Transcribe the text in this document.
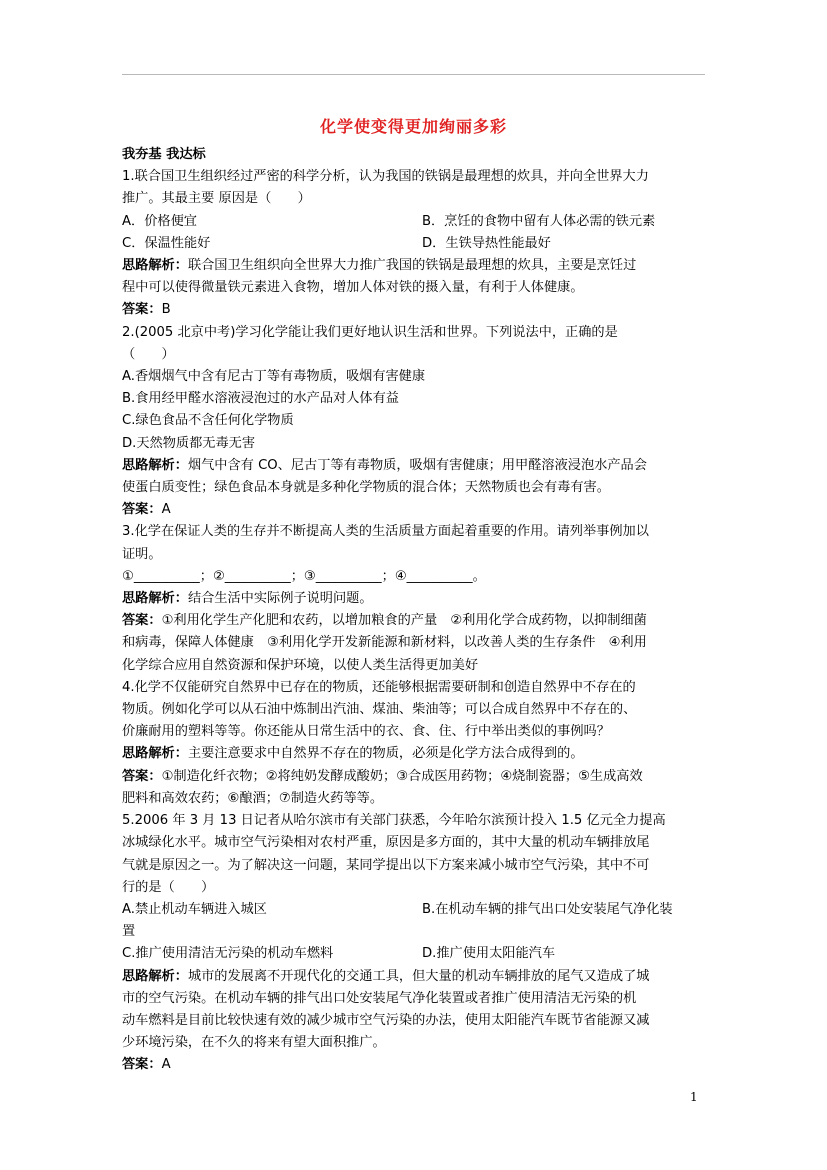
化学使变得更加绚丽多彩
我夯基 我达标
1.联合国卫生组织经过严密的科学分析，认为我国的铁锅是最理想的炊具，并向全世界大力
推广。其最主要 原因是（　　）
A．价格便宜	B．烹饪的食物中留有人体必需的铁元素
C．保温性能好	D．生铁导热性能最好
思路解析：联合国卫生组织向全世界大力推广我国的铁锅是最理想的炊具，主要是烹饪过
程中可以使得微量铁元素进入食物，增加人体对铁的摄入量，有利于人体健康。
答案：B
2.(2005 北京中考)学习化学能让我们更好地认识生活和世界。下列说法中，正确的是
（　　）
A.香烟烟气中含有尼古丁等有毒物质，吸烟有害健康
B.食用经甲醛水溶液浸泡过的水产品对人体有益
C.绿色食品不含任何化学物质
D.天然物质都无毒无害
思路解析：烟气中含有 CO、尼古丁等有毒物质，吸烟有害健康；用甲醛溶液浸泡水产品会
使蛋白质变性；绿色食品本身就是多种化学物质的混合体；天然物质也会有毒有害。
答案：A
3.化学在保证人类的生存并不断提高人类的生活质量方面起着重要的作用。请列举事例加以
证明。
①__________；②__________；③__________；④__________。
思路解析：结合生活中实际例子说明问题。
答案：①利用化学生产化肥和农药，以增加粮食的产量　②利用化学合成药物，以抑制细菌
和病毒，保障人体健康　③利用化学开发新能源和新材料，以改善人类的生存条件　④利用
化学综合应用自然资源和保护环境，以使人类生活得更加美好
4.化学不仅能研究自然界中已存在的物质，还能够根据需要研制和创造自然界中不存在的
物质。例如化学可以从石油中炼制出汽油、煤油、柴油等；可以合成自然界中不存在的、
价廉耐用的塑料等等。你还能从日常生活中的衣、食、住、行中举出类似的事例吗？
思路解析：主要注意要求中自然界不存在的物质，必须是化学方法合成得到的。
答案：①制造化纤衣物；②将纯奶发酵成酸奶；③合成医用药物；④烧制瓷器；⑤生成高效
肥料和高效农药；⑥酿酒；⑦制造火药等等。
5.2006 年 3 月 13 日记者从哈尔滨市有关部门获悉，今年哈尔滨预计投入 1.5 亿元全力提高
冰城绿化水平。城市空气污染相对农村严重，原因是多方面的，其中大量的机动车辆排放尾
气就是原因之一。为了解决这一问题，某同学提出以下方案来减小城市空气污染，其中不可
行的是（　　）
A.禁止机动车辆进入城区	B.在机动车辆的排气出口处安装尾气净化装
置
C.推广使用清洁无污染的机动车燃料	D.推广使用太阳能汽车
思路解析：城市的发展离不开现代化的交通工具，但大量的机动车辆排放的尾气又造成了城
市的空气污染。在机动车辆的排气出口处安装尾气净化装置或者推广使用清洁无污染的机
动车燃料是目前比较快速有效的减少城市空气污染的办法，使用太阳能汽车既节省能源又减
少环境污染，在不久的将来有望大面积推广。
答案：A
1
